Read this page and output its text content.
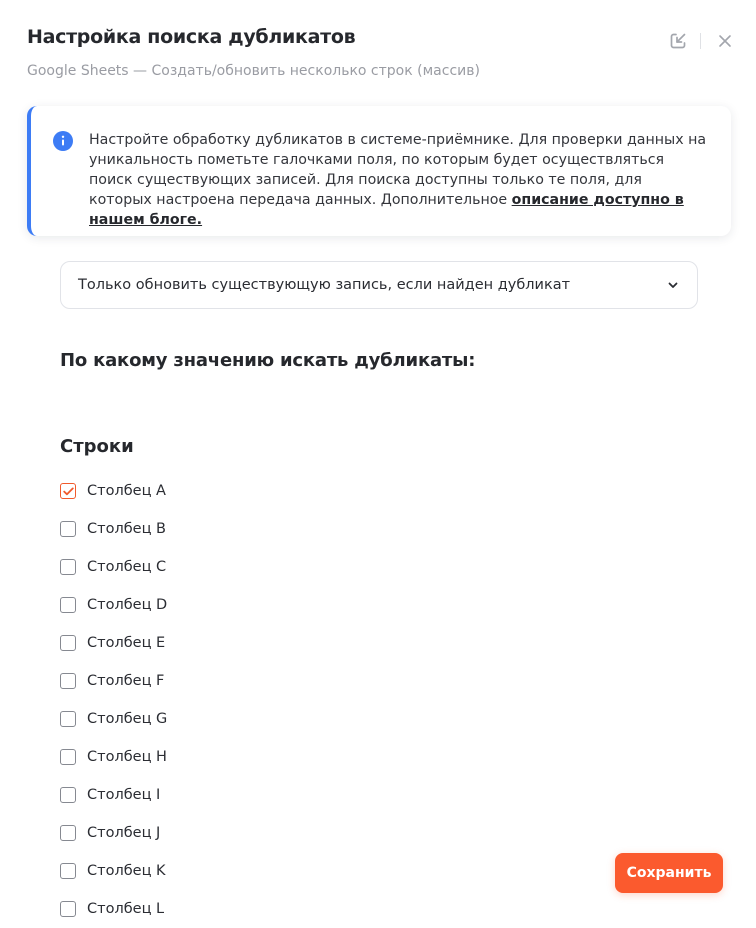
Настройка поиска дубликатов
Google Sheets — Создать/обновить несколько строк (массив)
Настройте обработку дубликатов в системе-приёмнике. Для проверки данных на уникальность пометьте галочками поля, по которым будет осуществляться поиск существующих записей. Для поиска доступны только те поля, для которых настроена передача данных. Дополнительное описание доступно в нашем блоге.
Только обновить существующую запись, если найден дубликат
По какому значению искать дубликаты:
Строки
Столбец A
Столбец B
Столбец C
Столбец D
Столбец E
Столбец F
Столбец G
Столбец H
Столбец I
Столбец J
Столбец K
Столбец L
Сохранить
